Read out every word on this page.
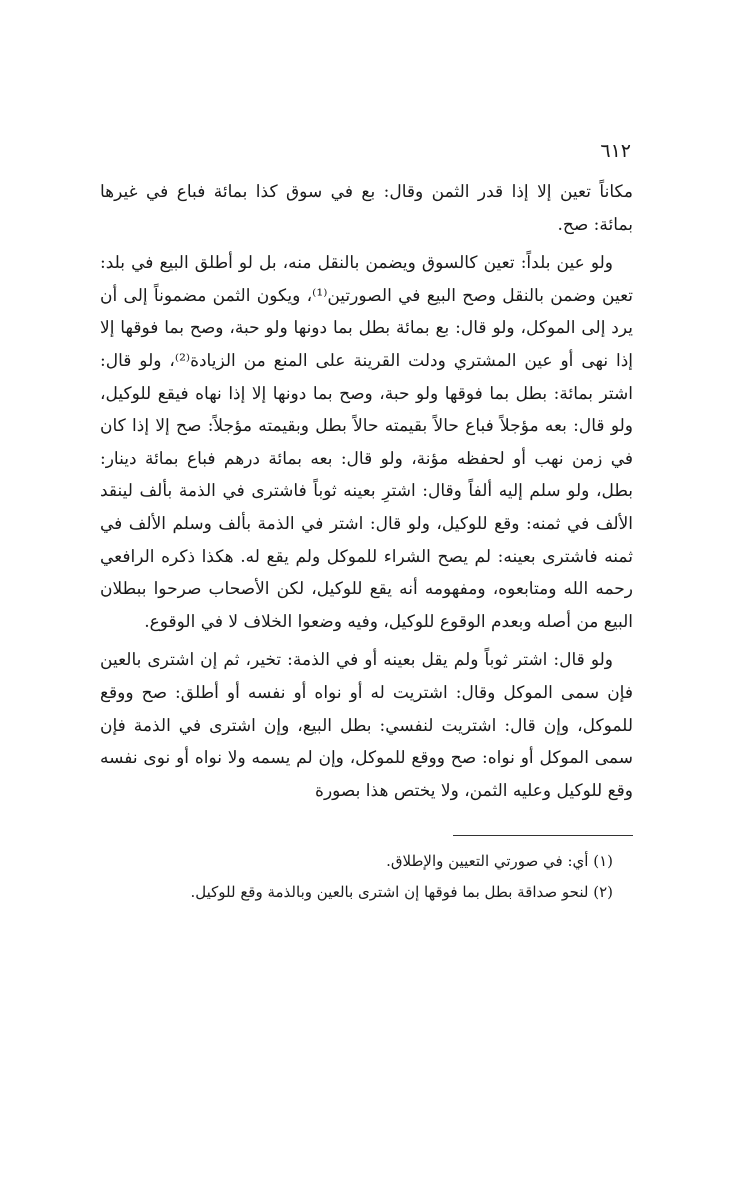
٦١٢

مكاناً تعين إلا إذا قدر الثمن وقال: بع في سوق كذا بمائة فباع في غيرها بمائة: صح.

ولو عين بلداً: تعين كالسوق ويضمن بالنقل منه، بل لو أطلق البيع في بلد: تعين وضمن بالنقل وصح البيع في الصورتين⁽¹⁾، ويكون الثمن مضموناً إلى أن يرد إلى الموكل، ولو قال: بع بمائة بطل بما دونها ولو حبة، وصح بما فوقها إلا إذا نهى أو عين المشتري ودلت القرينة على المنع من الزيادة⁽²⁾، ولو قال: اشتر بمائة: بطل بما فوقها ولو حبة، وصح بما دونها إلا إذا نهاه فيقع للوكيل، ولو قال: بعه مؤجلاً فباع حالاً بقيمته حالاً بطل وبقيمته مؤجلاً: صح إلا إذا كان في زمن نهب أو لحفظه مؤنة، ولو قال: بعه بمائة درهم فباع بمائة دينار: بطل، ولو سلم إليه ألفاً وقال: اشترِ بعينه ثوباً فاشترى في الذمة بألف لينقد الألف في ثمنه: وقع للوكيل، ولو قال: اشتر في الذمة بألف وسلم الألف في ثمنه فاشترى بعينه: لم يصح الشراء للموكل ولم يقع له. هكذا ذكره الرافعي رحمه الله ومتابعوه، ومفهومه أنه يقع للوكيل، لكن الأصحاب صرحوا ببطلان البيع من أصله وبعدم الوقوع للوكيل، وفيه وضعوا الخلاف لا في الوقوع.

ولو قال: اشتر ثوباً ولم يقل بعينه أو في الذمة: تخير، ثم إن اشترى بالعين فإن سمى الموكل وقال: اشتريت له أو نواه أو نفسه أو أطلق: صح ووقع للموكل، وإن قال: اشتريت لنفسي: بطل البيع، وإن اشترى في الذمة فإن سمى الموكل أو نواه: صح ووقع للموكل، وإن لم يسمه ولا نواه أو نوى نفسه وقع للوكيل وعليه الثمن، ولا يختص هذا بصورة

(١) أي: في صورتي التعيين والإطلاق.

(٢) لنحو صداقة بطل بما فوقها إن اشترى بالعين وبالذمة وقع للوكيل.
